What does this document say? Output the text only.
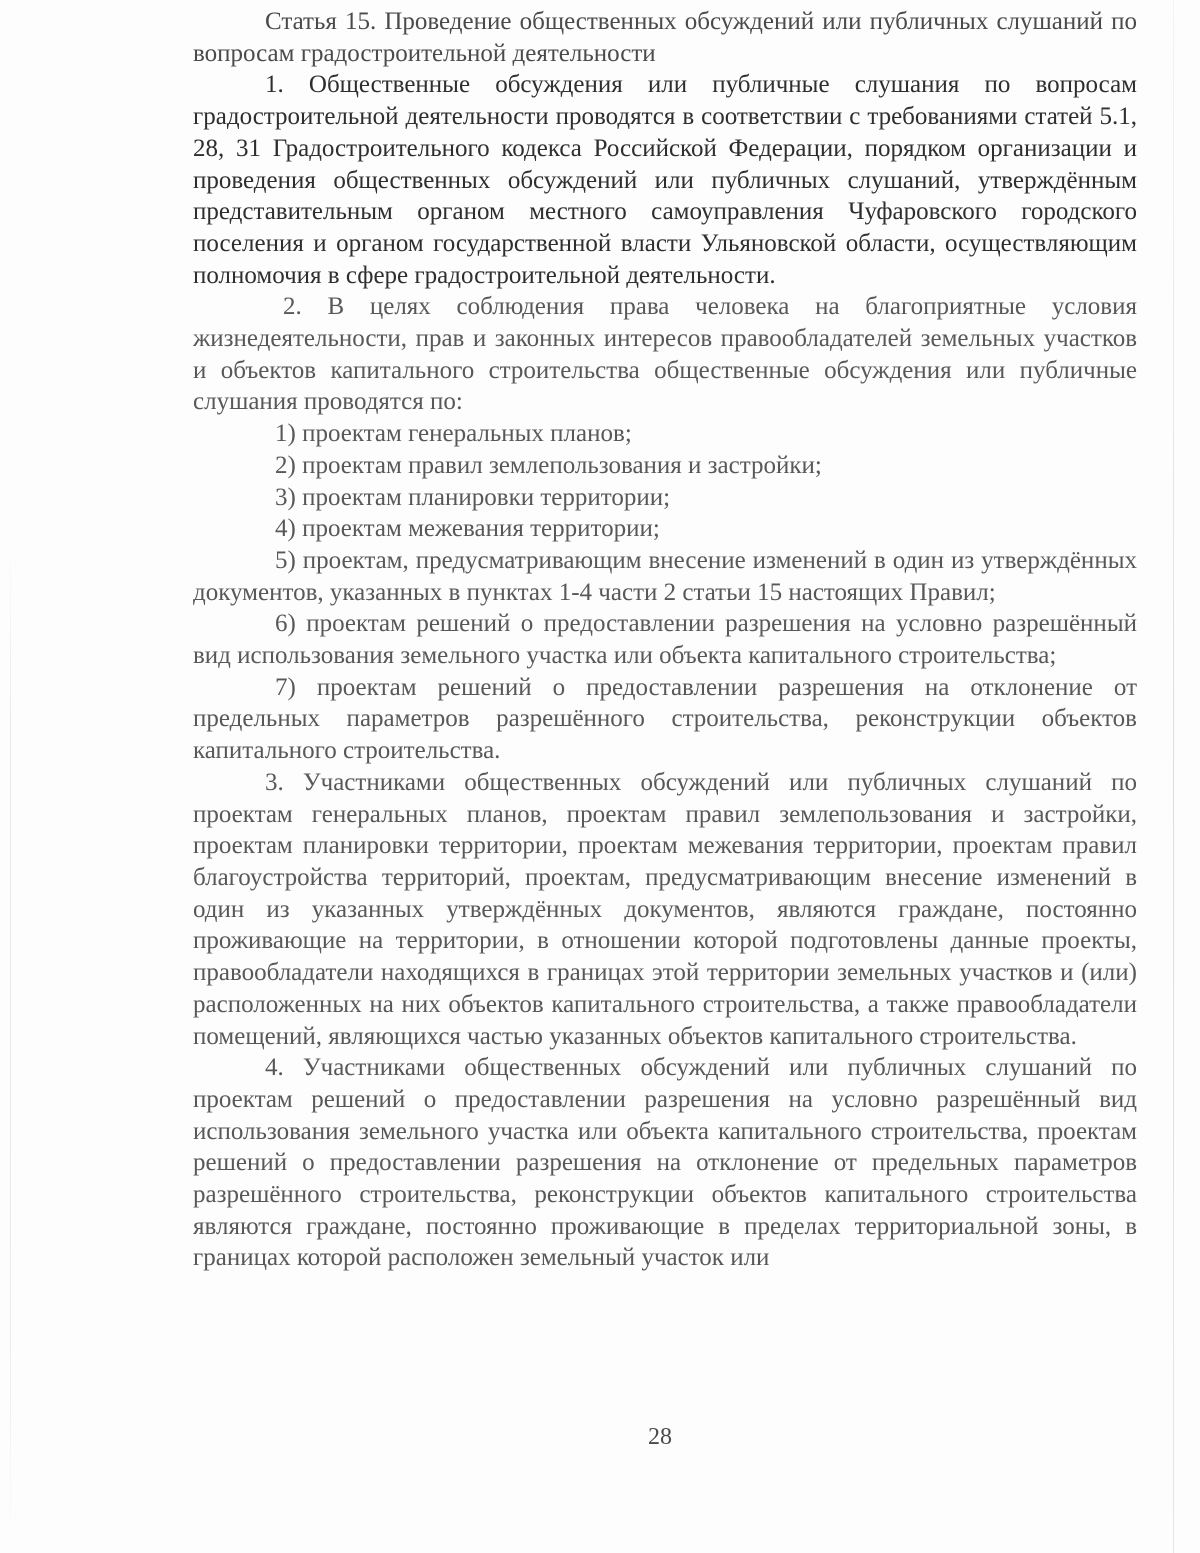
Статья 15. Проведение общественных обсуждений или публичных слушаний по вопросам градостроительной деятельности

1. Общественные обсуждения или публичные слушания по вопросам градостроительной деятельности проводятся в соответствии с требованиями статей 5.1, 28, 31 Градостроительного кодекса Российской Федерации, порядком организации и проведения общественных обсуждений или публичных слушаний, утверждённым представительным органом местного самоуправления Чуфаровского городского поселения и органом государственной власти Ульяновской области, осуществляющим полномочия в сфере градостроительной деятельности.

2. В целях соблюдения права человека на благоприятные условия жизнедеятельности, прав и законных интересов правообладателей земельных участков и объектов капитального строительства общественные обсуждения или публичные слушания проводятся по:

1) проектам генеральных планов;

2) проектам правил землепользования и застройки;

3) проектам планировки территории;

4) проектам межевания территории;

5) проектам, предусматривающим внесение изменений в один из утверждённых документов, указанных в пунктах 1-4 части 2 статьи 15 настоящих Правил;

6) проектам решений о предоставлении разрешения на условно разрешённый вид использования земельного участка или объекта капитального строительства;

7) проектам решений о предоставлении разрешения на отклонение от предельных параметров разрешённого строительства, реконструкции объектов капитального строительства.

3. Участниками общественных обсуждений или публичных слушаний по проектам генеральных планов, проектам правил землепользования и застройки, проектам планировки территории, проектам межевания территории, проектам правил благоустройства территорий, проектам, предусматривающим внесение изменений в один из указанных утверждённых документов, являются граждане, постоянно проживающие на территории, в отношении которой подготовлены данные проекты, правообладатели находящихся в границах этой территории земельных участков и (или) расположенных на них объектов капитального строительства, а также правообладатели помещений, являющихся частью указанных объектов капитального строительства.

4. Участниками общественных обсуждений или публичных слушаний по проектам решений о предоставлении разрешения на условно разрешённый вид использования земельного участка или объекта капитального строительства, проектам решений о предоставлении разрешения на отклонение от предельных параметров разрешённого строительства, реконструкции объектов капитального строительства являются граждане, постоянно проживающие в пределах территориальной зоны, в границах которой расположен земельный участок или

28
